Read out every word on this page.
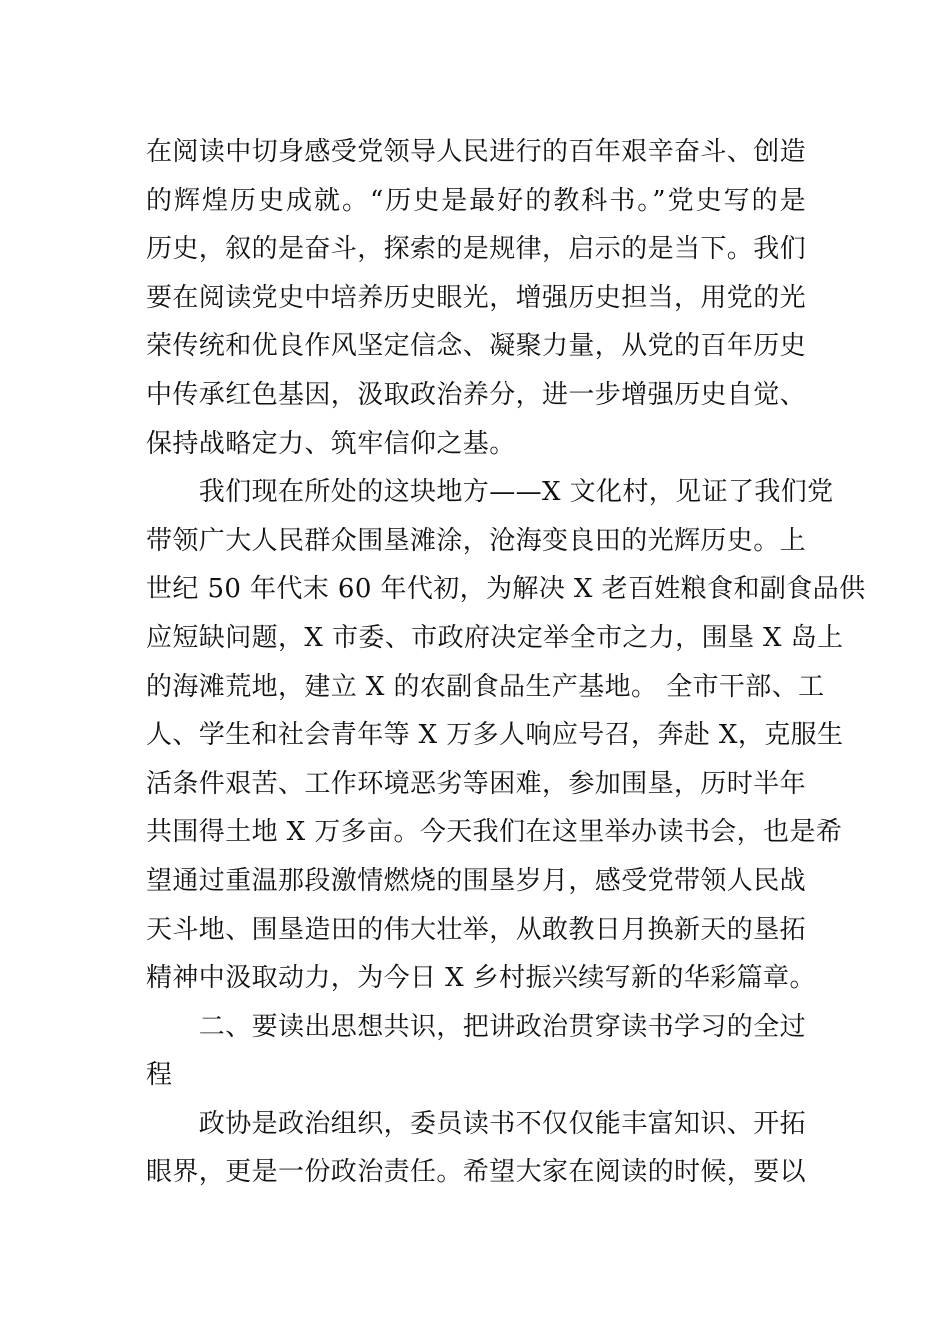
在阅读中切身感受党领导人民进行的百年艰辛奋斗、创造
的辉煌历史成就。“历史是最好的教科书。”党史写的是
历史，叙的是奋斗，探索的是规律，启示的是当下。我们
要在阅读党史中培养历史眼光，增强历史担当，用党的光
荣传统和优良作风坚定信念、凝聚力量，从党的百年历史
中传承红色基因，汲取政治养分，进一步增强历史自觉、
保持战略定力、筑牢信仰之基。
　　我们现在所处的这块地方——X 文化村，见证了我们党
带领广大人民群众围垦滩涂，沧海变良田的光辉历史。上
世纪 50 年代末 60 年代初，为解决 X 老百姓粮食和副食品供
应短缺问题，X 市委、市政府决定举全市之力，围垦 X 岛上
的海滩荒地，建立 X 的农副食品生产基地。 全市干部、工
人、学生和社会青年等 X 万多人响应号召，奔赴 X，克服生
活条件艰苦、工作环境恶劣等困难，参加围垦，历时半年
共围得土地 X 万多亩。今天我们在这里举办读书会，也是希
望通过重温那段激情燃烧的围垦岁月，感受党带领人民战
天斗地、围垦造田的伟大壮举，从敢教日月换新天的垦拓
精神中汲取动力，为今日 X 乡村振兴续写新的华彩篇章。
　　二、要读出思想共识，把讲政治贯穿读书学习的全过
程
　　政协是政治组织，委员读书不仅仅能丰富知识、开拓
眼界，更是一份政治责任。希望大家在阅读的时候，要以
